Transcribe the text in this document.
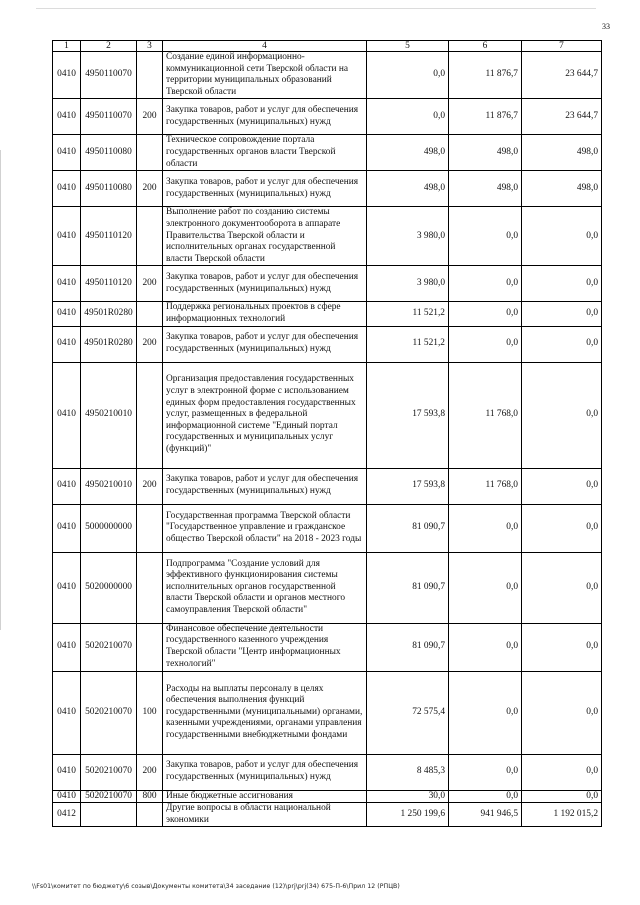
33
1	2	3	4	5	6	7
0410	4950110070		Создание единой информационно-коммуникационной сети Тверской области на территории муниципальных образований Тверской области	0,0	11 876,7	23 644,7
0410	4950110070	200	Закупка товаров, работ и услуг для обеспечения государственных (муниципальных) нужд	0,0	11 876,7	23 644,7
0410	4950110080		Техническое сопровождение портала государственных органов власти Тверской области	498,0	498,0	498,0
0410	4950110080	200	Закупка товаров, работ и услуг для обеспечения государственных (муниципальных) нужд	498,0	498,0	498,0
0410	4950110120		Выполнение работ по созданию системы электронного документооборота в аппарате Правительства Тверской области и исполнительных органах государственной власти Тверской области	3 980,0	0,0	0,0
0410	4950110120	200	Закупка товаров, работ и услуг для обеспечения государственных (муниципальных) нужд	3 980,0	0,0	0,0
0410	49501R0280		Поддержка региональных проектов в сфере информационных технологий	11 521,2	0,0	0,0
0410	49501R0280	200	Закупка товаров, работ и услуг для обеспечения государственных (муниципальных) нужд	11 521,2	0,0	0,0
0410	4950210010		Организация предоставления государственных услуг в электронной форме с использованием единых форм предоставления государственных услуг, размещенных в федеральной информационной системе "Единый портал государственных и муниципальных услуг (функций)"	17 593,8	11 768,0	0,0
0410	4950210010	200	Закупка товаров, работ и услуг для обеспечения государственных (муниципальных) нужд	17 593,8	11 768,0	0,0
0410	5000000000		Государственная программа Тверской области "Государственное управление и гражданское общество Тверской области" на 2018 - 2023 годы	81 090,7	0,0	0,0
0410	5020000000		Подпрограмма "Создание условий для эффективного функционирования системы исполнительных органов государственной власти Тверской области и органов местного самоуправления Тверской области"	81 090,7	0,0	0,0
0410	5020210070		Финансовое обеспечение деятельности государственного казенного учреждения Тверской области "Центр информационных технологий"	81 090,7	0,0	0,0
0410	5020210070	100	Расходы на выплаты персоналу в целях обеспечения выполнения функций государственными (муниципальными) органами, казенными учреждениями, органами управления государственными внебюджетными фондами	72 575,4	0,0	0,0
0410	5020210070	200	Закупка товаров, работ и услуг для обеспечения государственных (муниципальных) нужд	8 485,3	0,0	0,0
0410	5020210070	800	Иные бюджетные ассигнования	30,0	0,0	0,0
0412			Другие вопросы в области национальной экономики	1 250 199,6	941 946,5	1 192 015,2
\\Fs01\комитет по бюджету\6 созыв\Документы комитета\34 заседание (12)\prj\prj(34) 675-П-6\Прил 12 (РПЦВ)
